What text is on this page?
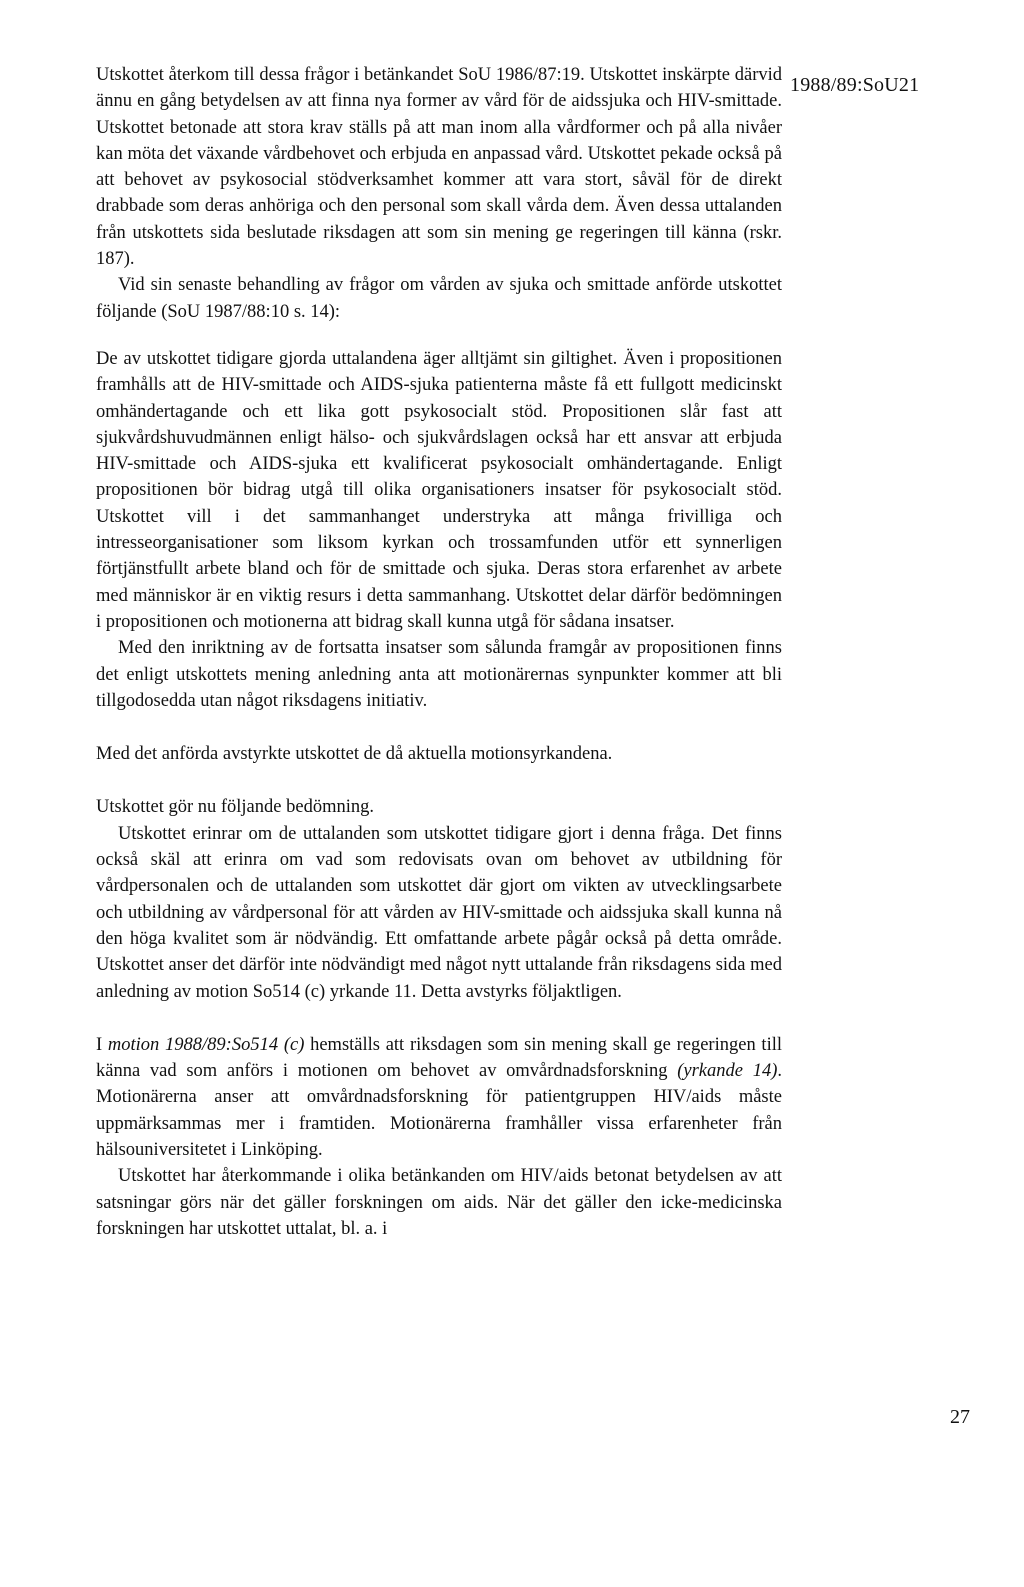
1988/89:SoU21

Utskottet återkom till dessa frågor i betänkandet SoU 1986/87:19. Utskottet inskärpte därvid ännu en gång betydelsen av att finna nya former av vård för de aidssjuka och HIV-smittade. Utskottet betonade att stora krav ställs på att man inom alla vårdformer och på alla nivåer kan möta det växande vårdbehovet och erbjuda en anpassad vård. Utskottet pekade också på att behovet av psykosocial stödverksamhet kommer att vara stort, såväl för de direkt drabbade som deras anhöriga och den personal som skall vårda dem. Även dessa uttalanden från utskottets sida beslutade riksdagen att som sin mening ge regeringen till känna (rskr. 187).

Vid sin senaste behandling av frågor om vården av sjuka och smittade anförde utskottet följande (SoU 1987/88:10 s. 14):

De av utskottet tidigare gjorda uttalandena äger alltjämt sin giltighet. Även i propositionen framhålls att de HIV-smittade och AIDS-sjuka patienterna måste få ett fullgott medicinskt omhändertagande och ett lika gott psykosocialt stöd. Propositionen slår fast att sjukvårdshuvudmännen enligt hälso- och sjukvårdslagen också har ett ansvar att erbjuda HIV-smittade och AIDS-sjuka ett kvalificerat psykosocialt omhändertagande. Enligt propositionen bör bidrag utgå till olika organisationers insatser för psykosocialt stöd. Utskottet vill i det sammanhanget understryka att många frivilliga och intresseorganisationer som liksom kyrkan och trossamfunden utför ett synnerligen förtjänstfullt arbete bland och för de smittade och sjuka. Deras stora erfarenhet av arbete med människor är en viktig resurs i detta sammanhang. Utskottet delar därför bedömningen i propositionen och motionerna att bidrag skall kunna utgå för sådana insatser.

Med den inriktning av de fortsatta insatser som sålunda framgår av propositionen finns det enligt utskottets mening anledning anta att motionärernas synpunkter kommer att bli tillgodosedda utan något riksdagens initiativ.

Med det anförda avstyrkte utskottet de då aktuella motionsyrkandena.

Utskottet gör nu följande bedömning.

Utskottet erinrar om de uttalanden som utskottet tidigare gjort i denna fråga. Det finns också skäl att erinra om vad som redovisats ovan om behovet av utbildning för vårdpersonalen och de uttalanden som utskottet där gjort om vikten av utvecklingsarbete och utbildning av vårdpersonal för att vården av HIV-smittade och aidssjuka skall kunna nå den höga kvalitet som är nödvändig. Ett omfattande arbete pågår också på detta område. Utskottet anser det därför inte nödvändigt med något nytt uttalande från riksdagens sida med anledning av motion So514 (c) yrkande 11. Detta avstyrks följaktligen.

I motion 1988/89:So514 (c) hemställs att riksdagen som sin mening skall ge regeringen till känna vad som anförs i motionen om behovet av omvårdnadsforskning (yrkande 14). Motionärerna anser att omvårdnadsforskning för patientgruppen HIV/aids måste uppmärksammas mer i framtiden. Motionärerna framhåller vissa erfarenheter från hälsouniversitetet i Linköping.

Utskottet har återkommande i olika betänkanden om HIV/aids betonat betydelsen av att satsningar görs när det gäller forskningen om aids. När det gäller den icke-medicinska forskningen har utskottet uttalat, bl. a. i

27
